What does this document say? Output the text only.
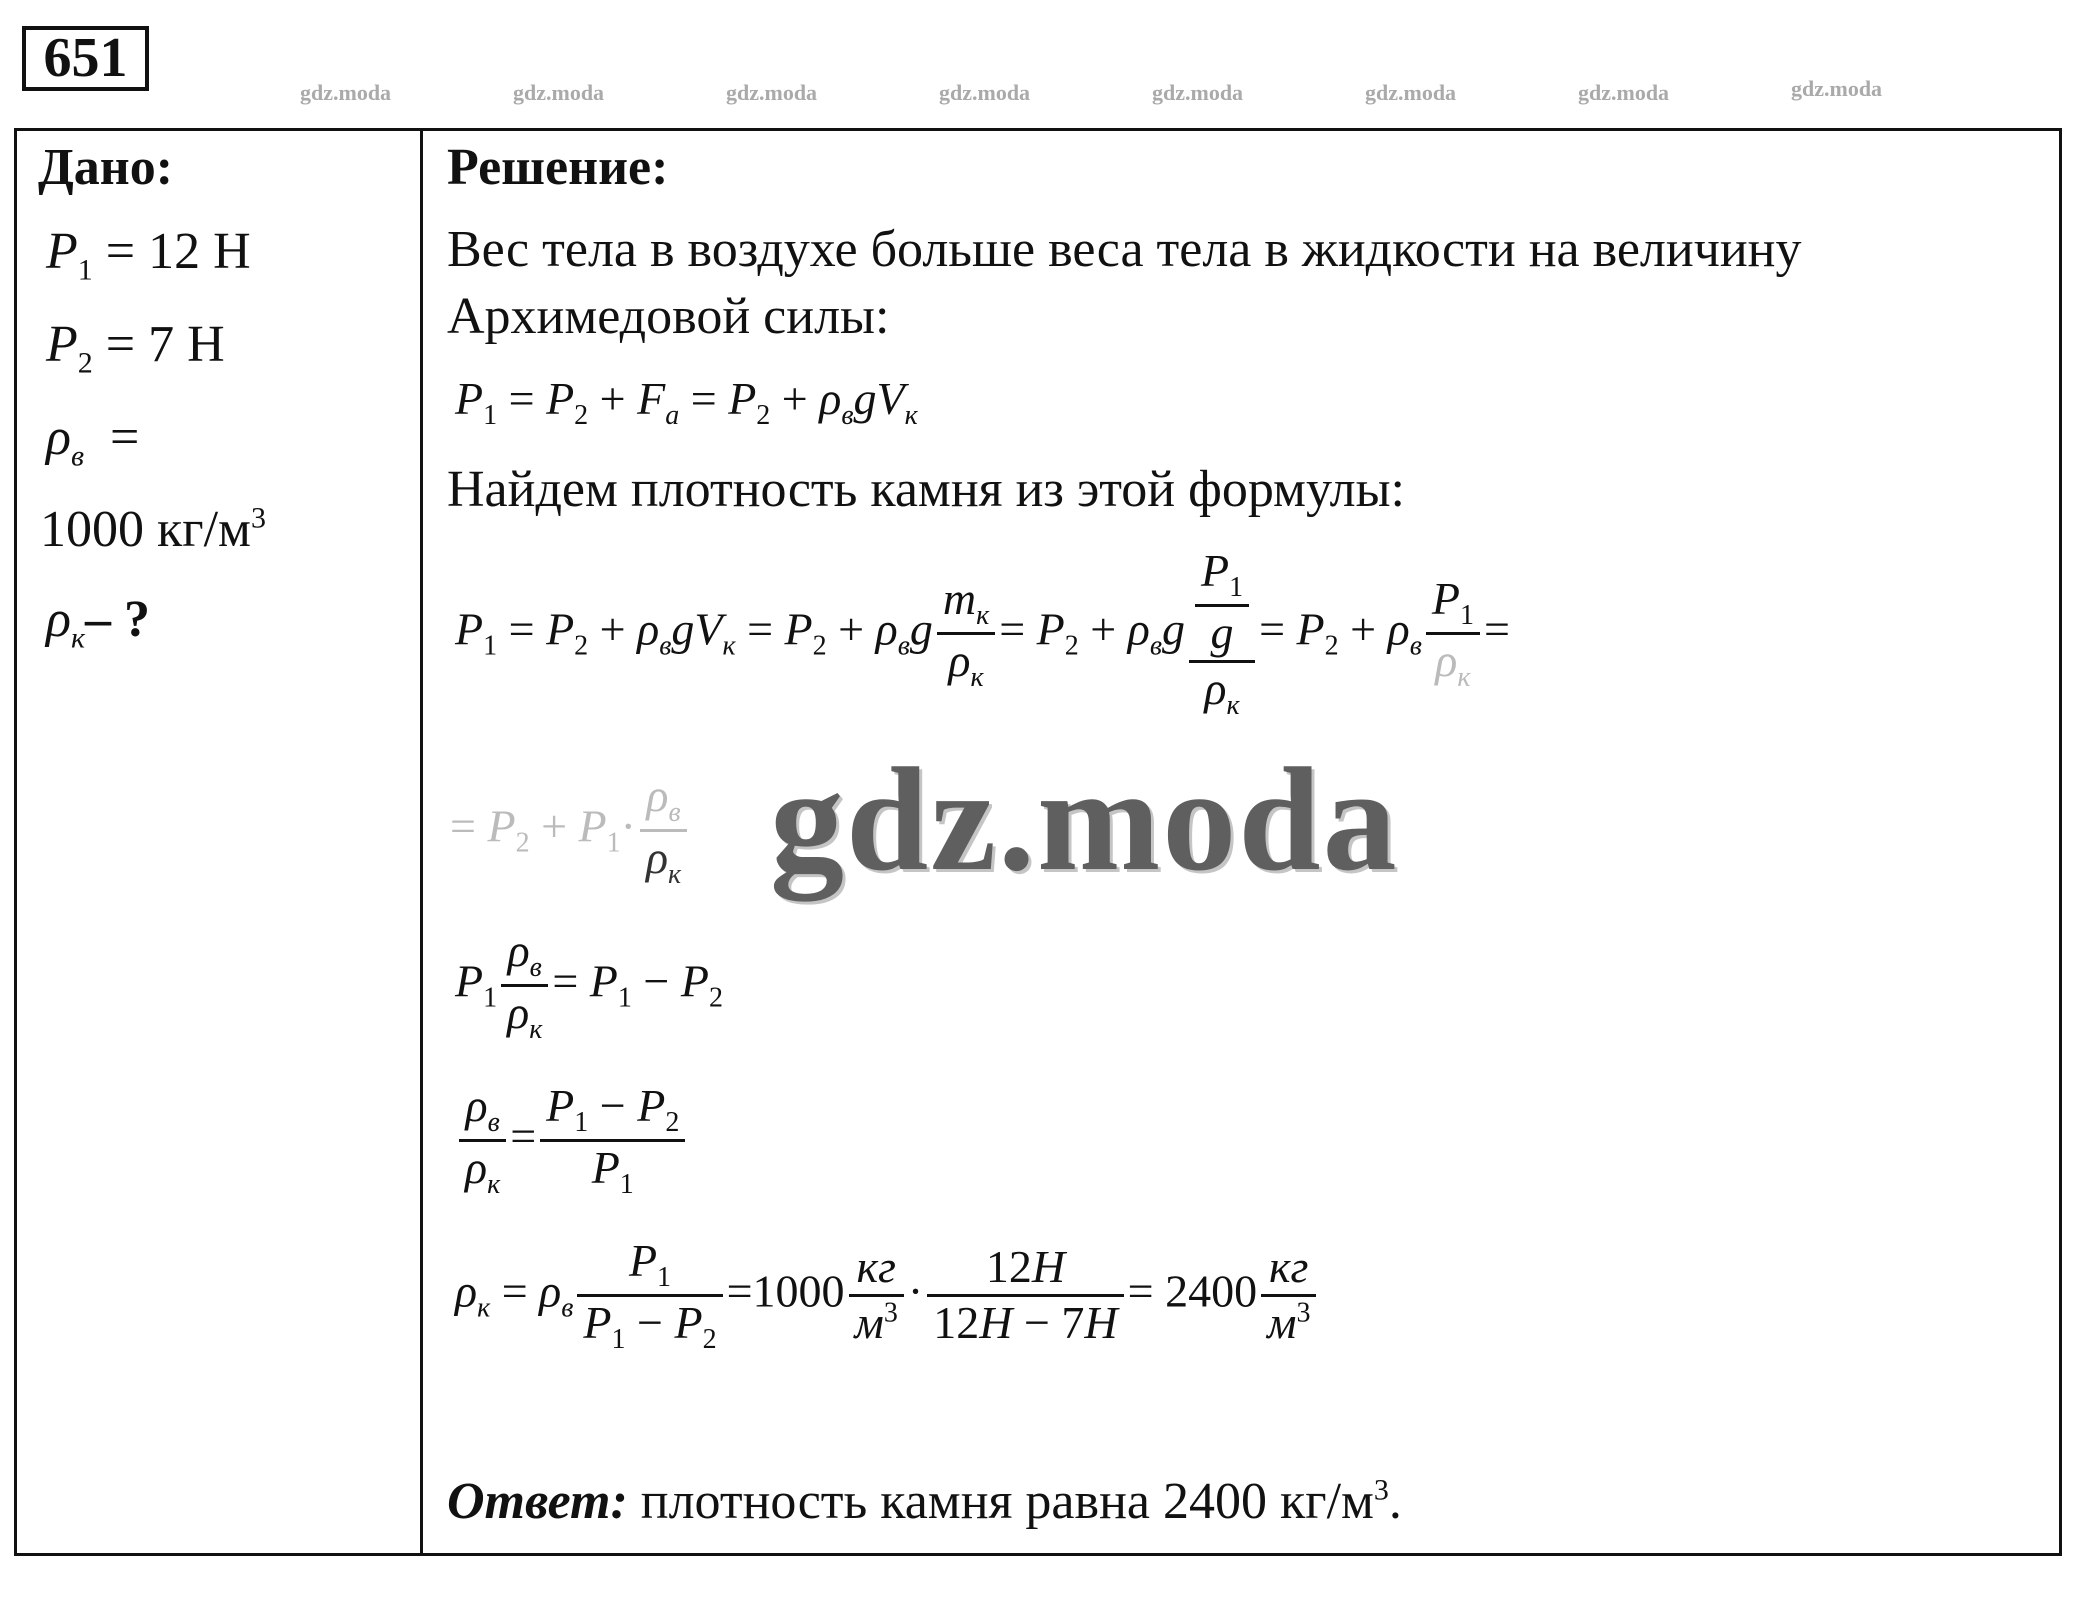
651
gdz.moda	gdz.moda	gdz.moda	gdz.moda	gdz.moda	gdz.moda	gdz.moda	gdz.moda
Дано:
$P_1 = 12$ Н
$P_2 = 7$ Н
$\rho_в$ =
1000 $кг/м^3$
$\rho_к-$ ?
Решение:
Вес тела в воздухе больше веса тела в жидкости на величину
Архимедовой силы:
$P_1 = P_2 + F_a = P_2 + \rho_вgV_к$
Найдем плотность камня из этой формулы:
$P_1 = P_2 + \rho_вgV_к = P_2 + \rho_вg \frac{m_к}{\rho_к} = P_2 + \rho_вg \frac{\frac{P_1}{g}}{\rho_к} = P_2 + \rho_в \frac{P_1}{\rho_к}$ =
= $P_2 + P_1\cdot \frac{\rho_в}{\rho_к}$ gdz.moda
$P_1 \frac{\rho_в}{\rho_к} = P_1 - P_2$
$\frac{\rho_в}{\rho_к} = \frac{P_1 - P_2}{P_1}$
$\rho_к = \rho_в \frac{P_1}{P_1 - P_2} =1000 \frac{кг}{м^3} \cdot \frac{12H}{12H - 7H} = 2400 \frac{кг}{м^3}$
Ответ: плотность камня равна 2400 $кг/м^3$.
